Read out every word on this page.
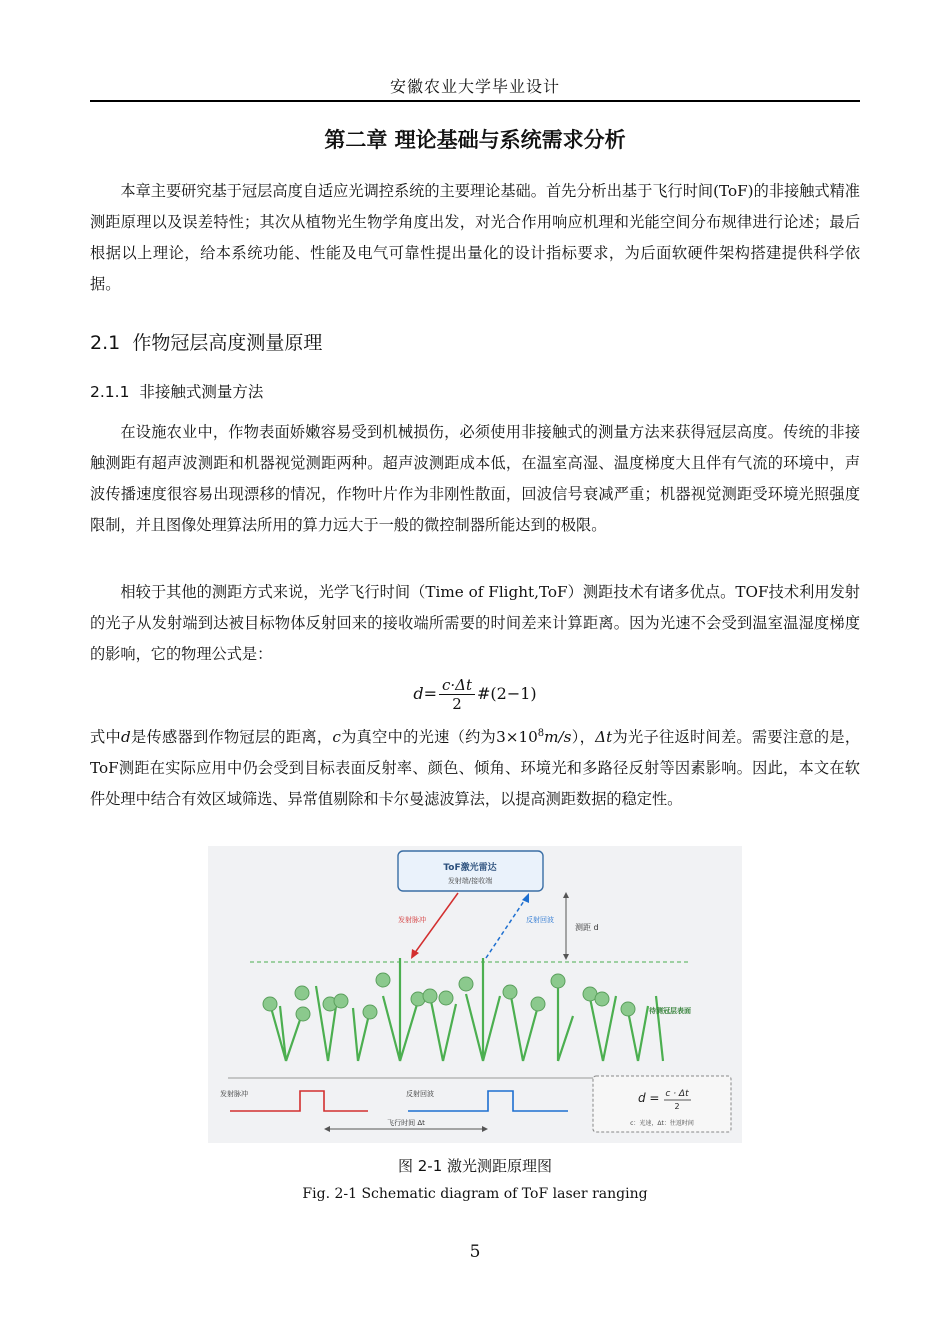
安徽农业大学毕业设计
第二章 理论基础与系统需求分析

本章主要研究基于冠层高度自适应光调控系统的主要理论基础。首先分析出基于飞行时间(ToF)的非接触式精准测距原理以及误差特性；其次从植物光生物学角度出发，对光合作用响应机理和光能空间分布规律进行论述；最后根据以上理论，给本系统功能、性能及电气可靠性提出量化的设计指标要求，为后面软硬件架构搭建提供科学依据。

2.1 作物冠层高度测量原理
2.1.1 非接触式测量方法

在设施农业中，作物表面娇嫩容易受到机械损伤，必须使用非接触式的测量方法来获得冠层高度。传统的非接触测距有超声波测距和机器视觉测距两种。超声波测距成本低，在温室高湿、温度梯度大且伴有气流的环境中，声波传播速度很容易出现漂移的情况，作物叶片作为非刚性散面，回波信号衰减严重；机器视觉测距受环境光照强度限制，并且图像处理算法所用的算力远大于一般的微控制器所能达到的极限。

相较于其他的测距方式来说，光学飞行时间（Time of Flight,ToF）测距技术有诸多优点。TOF技术利用发射的光子从发射端到达被目标物体反射回来的接收端所需要的时间差来计算距离。因为光速不会受到温室温湿度梯度的影响，它的物理公式是：

$d= \frac{c\cdot\Delta t}{2}$ #(2−1)

式中d是传感器到作物冠层的距离，c为真空中的光速（约为$3\times 10^8m/s$），Δt为光子往返时间差。需要注意的是，ToF测距在实际应用中仍会受到目标表面反射率、颜色、倾角、环境光和多路径反射等因素影响。因此，本文在软件处理中结合有效区域筛选、异常值剔除和卡尔曼滤波算法，以提高测距数据的稳定性。

ToF激光雷达
发射端/接收端
发射脉冲	反射回波
测距 d
待测冠层表面
发射脉冲	反射回波
飞行时间 Δt
d = c · Δt
2
c：光速，Δt：往返时间
图 2-1 激光测距原理图
Fig. 2-1 Schematic diagram of ToF laser ranging
5
